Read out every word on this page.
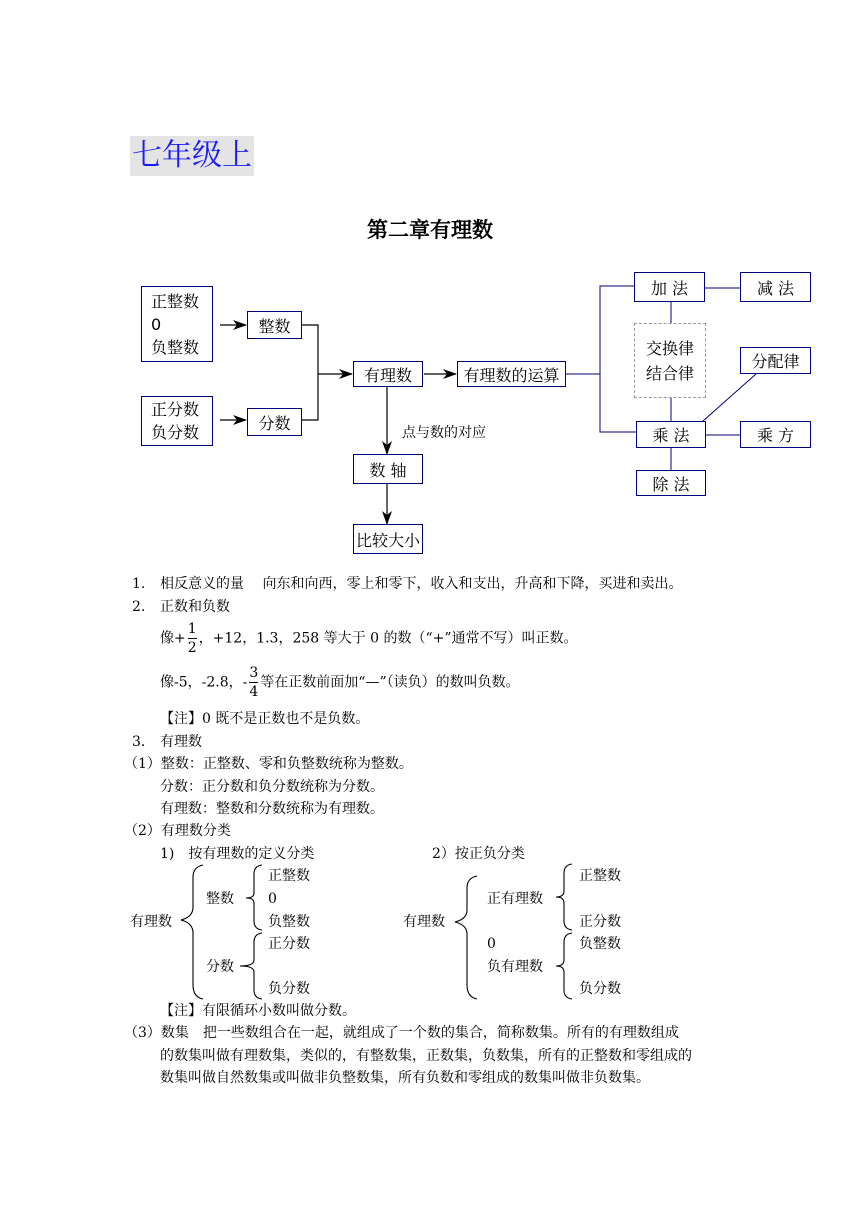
七年级上
第二章有理数
正整数
0
负整数
正分数
负分数
整数
分数
有理数	有理数的运算
点与数的对应
数 轴
比较大小
加 法	减 法
交换律
结合律
分配律
乘 法	乘 方
除 法
1. 相反意义的量　 向东和向西，零上和零下，收入和支出，升高和下降，买进和卖出。
2. 正数和负数
像+ $\frac{1}{2}$ ，+12，1.3，258 等大于 0 的数（“+”通常不写）叫正数。
像-5，-2.8，- $\frac{3}{4}$ 等在正数前面加“—”（读负）的数叫负数。
【注】0 既不是正数也不是负数。
3. 有理数
（1）整数：正整数、零和负整数统称为整数。
分数：正分数和负分数统称为分数。
有理数：整数和分数统称为有理数。
（2）有理数分类
1)　按有理数的定义分类	2）按正负分类
有理数
整数
正整数
0
负整数
分数
正分数
负分数
有理数
正有理数
正整数
正分数
0
负有理数
负整数
负分数
【注】有限循环小数叫做分数。
（3）数集　把一些数组合在一起，就组成了一个数的集合，简称数集。所有的有理数组成
的数集叫做有理数集，类似的，有整数集，正数集，负数集，所有的正整数和零组成的
数集叫做自然数集或叫做非负整数集，所有负数和零组成的数集叫做非负数集。
